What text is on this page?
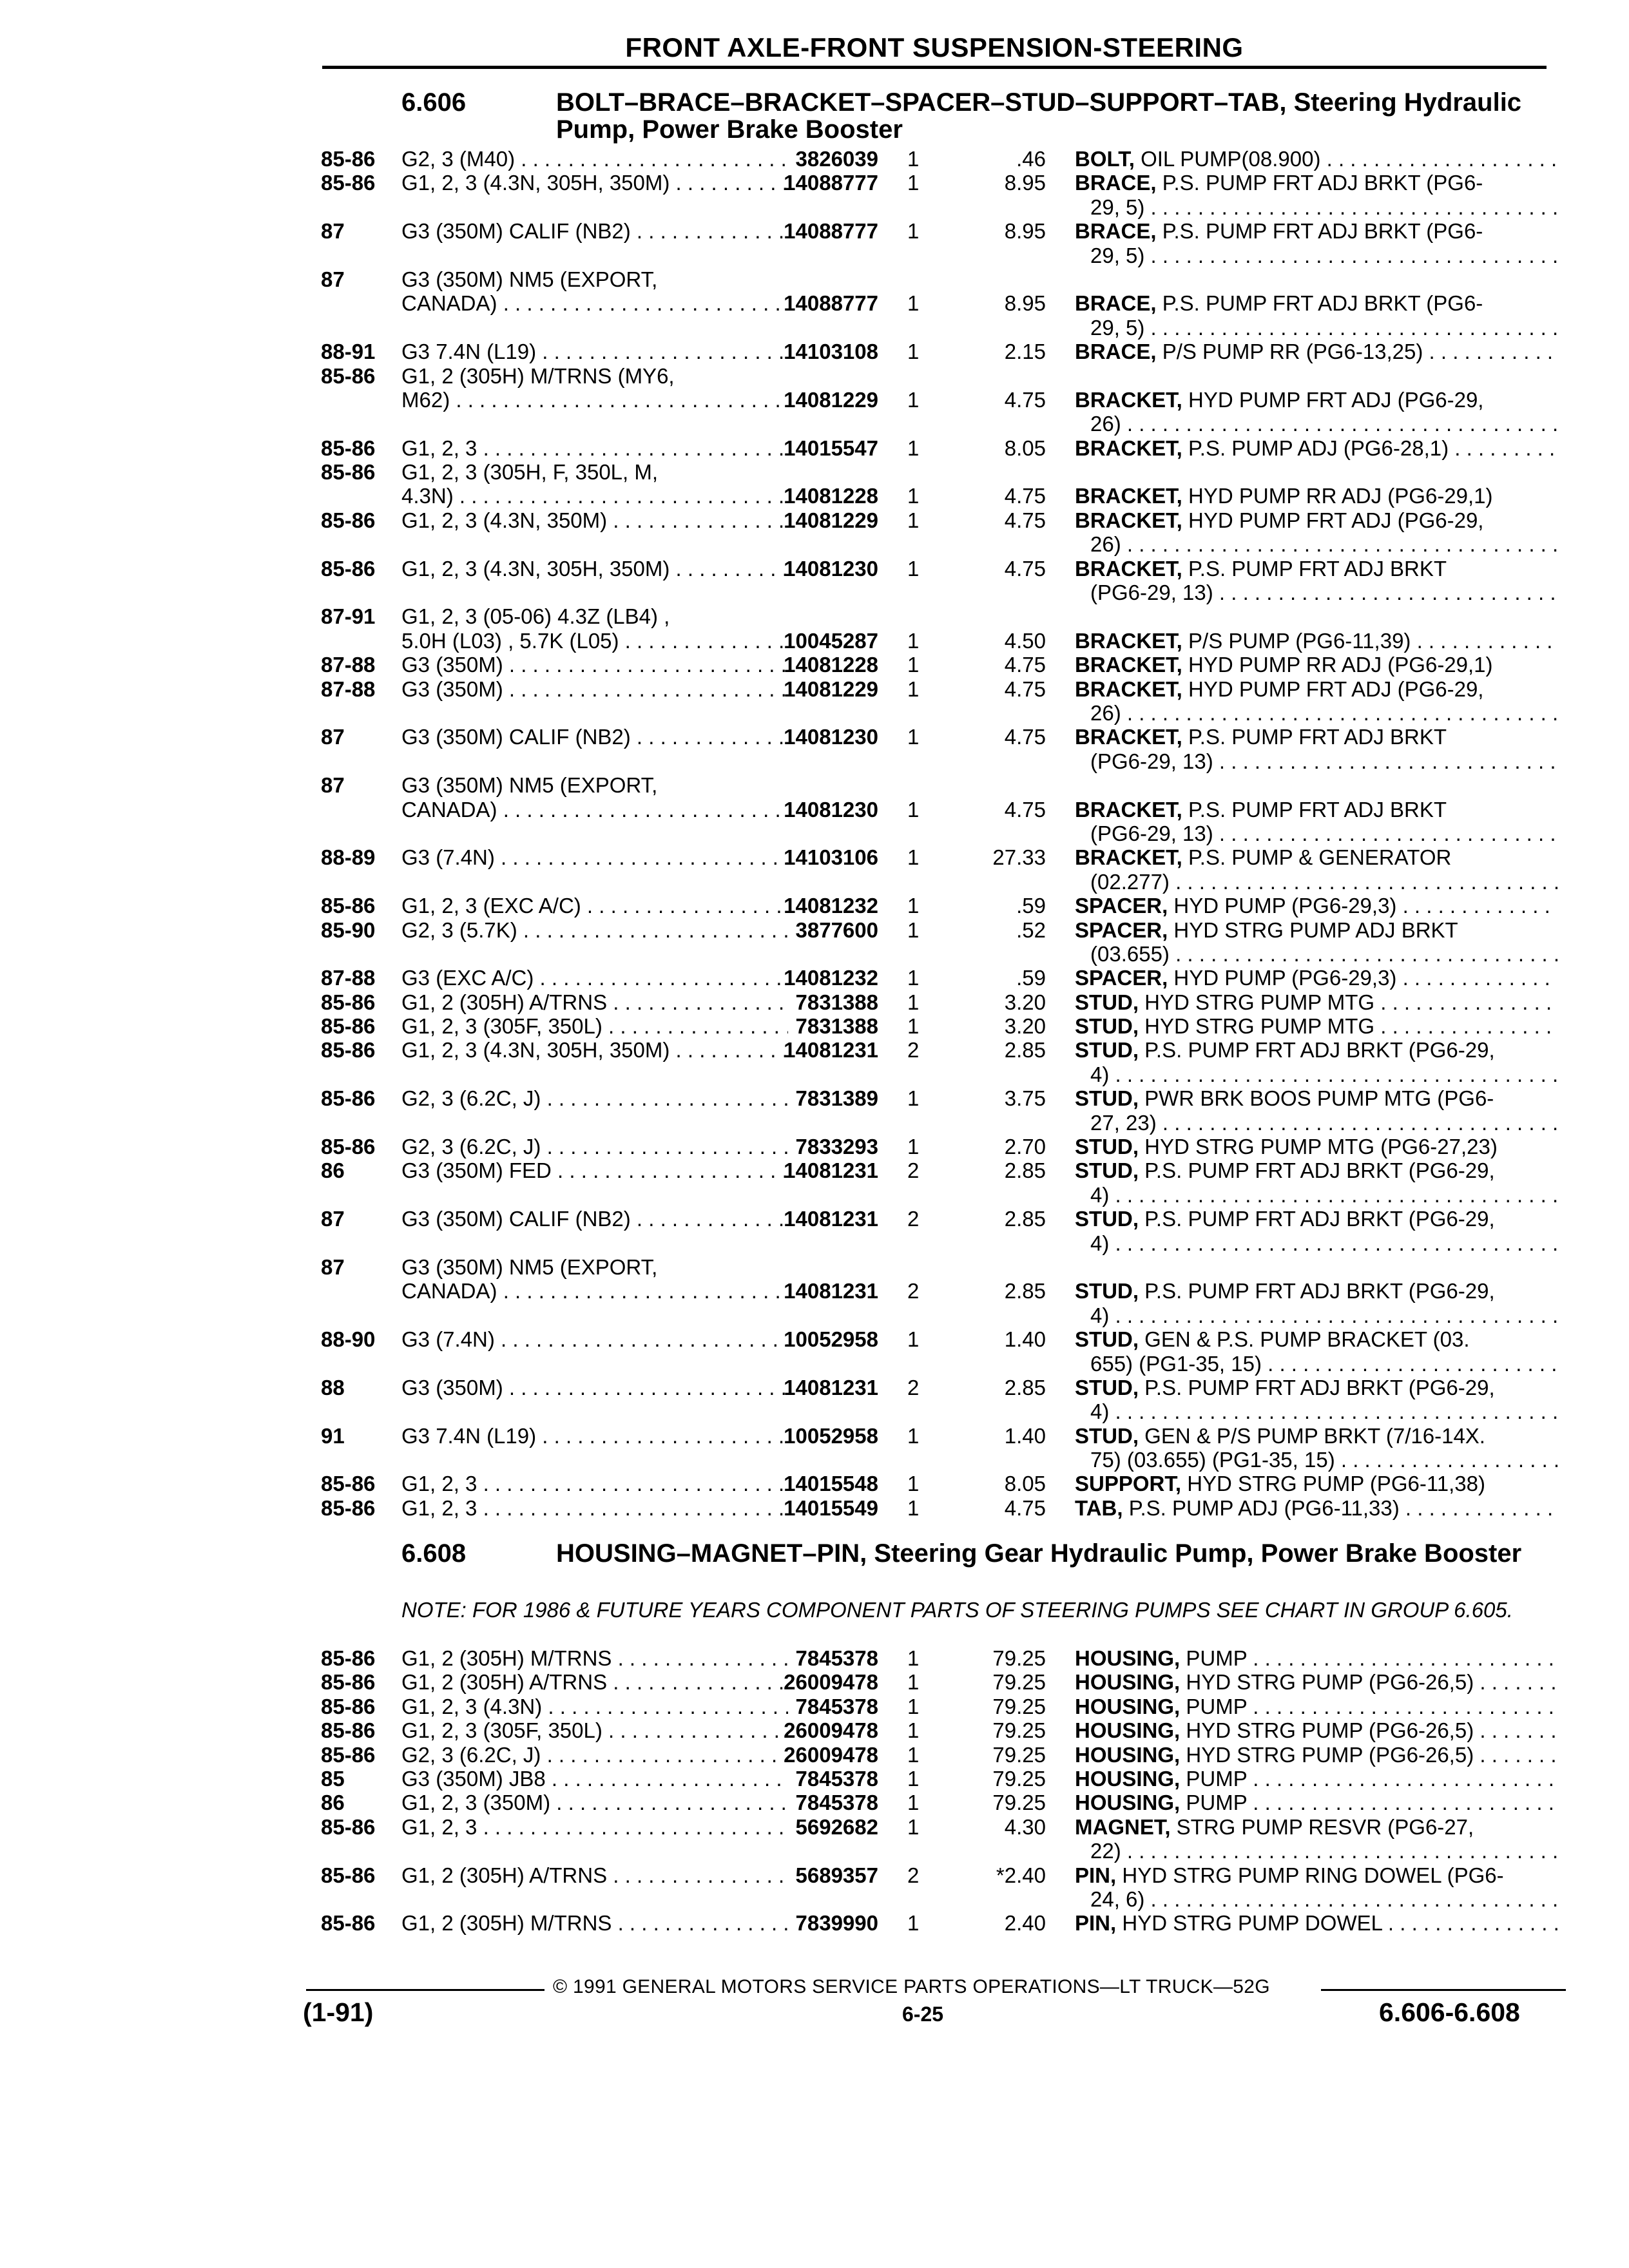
FRONT AXLE-FRONT SUSPENSION-STEERING
6.606	BOLT–BRACE–BRACKET–SPACER–STUD–SUPPORT–TAB, Steering Hydraulic Pump, Power Brake Booster
85-86	G2, 3 (M40) . . .	3826039 1	.46 BOLT, OIL PUMP(08.900) . . .
85-86	G1, 2, 3 (4.3N, 305H, 350M) . . .	14088777 1	8.95 BRACE, P.S. PUMP FRT ADJ BRKT (PG6-
29, 5) . . .
87	G3 (350M) CALIF (NB2) . . .	14088777 1	8.95 BRACE, P.S. PUMP FRT ADJ BRKT (PG6-
29, 5) . . .
87	G3 (350M) NM5 (EXPORT,
CANADA) . . .	14088777 1	8.95 BRACE, P.S. PUMP FRT ADJ BRKT (PG6-
29, 5) . . .
88-91	G3 7.4N (L19) . . .	14103108 1	2.15 BRACE, P/S PUMP RR (PG6-13,25) . . .
85-86	G1, 2 (305H) M/TRNS (MY6,
M62) . . .	14081229 1	4.75 BRACKET, HYD PUMP FRT ADJ (PG6-29,
26) . . .
85-86	G1, 2, 3 . . .	14015547 1	8.05 BRACKET, P.S. PUMP ADJ (PG6-28,1) . . .
85-86	G1, 2, 3 (305H, F, 350L, M,
4.3N) . . .	14081228 1	4.75 BRACKET, HYD PUMP RR ADJ (PG6-29,1)
85-86	G1, 2, 3 (4.3N, 350M) . . .	14081229 1	4.75 BRACKET, HYD PUMP FRT ADJ (PG6-29,
26) . . .
85-86	G1, 2, 3 (4.3N, 305H, 350M) . . .	14081230 1	4.75 BRACKET, P.S. PUMP FRT ADJ BRKT
(PG6-29, 13) . . .
87-91	G1, 2, 3 (05-06) 4.3Z (LB4) ,
5.0H (L03) , 5.7K (L05) . . .	10045287 1	4.50 BRACKET, P/S PUMP (PG6-11,39) . . .
87-88	G3 (350M) . . .	14081228 1	4.75 BRACKET, HYD PUMP RR ADJ (PG6-29,1)
87-88	G3 (350M) . . .	14081229 1	4.75 BRACKET, HYD PUMP FRT ADJ (PG6-29,
26) . . .
87	G3 (350M) CALIF (NB2) . . .	14081230 1	4.75 BRACKET, P.S. PUMP FRT ADJ BRKT
(PG6-29, 13) . . .
87	G3 (350M) NM5 (EXPORT,
CANADA) . . .	14081230 1	4.75 BRACKET, P.S. PUMP FRT ADJ BRKT
(PG6-29, 13) . . .
88-89	G3 (7.4N) . . .	14103106 1	27.33 BRACKET, P.S. PUMP & GENERATOR
(02.277) . . .
85-86	G1, 2, 3 (EXC A/C) . . .	14081232 1	.59 SPACER, HYD PUMP (PG6-29,3) . . .
85-90	G2, 3 (5.7K) . . .	3877600 1	.52 SPACER, HYD STRG PUMP ADJ BRKT
(03.655) . . .
87-88	G3 (EXC A/C) . . .	14081232 1	.59 SPACER, HYD PUMP (PG6-29,3) . . .
85-86	G1, 2 (305H) A/TRNS . . .	7831388 1	3.20 STUD, HYD STRG PUMP MTG . . .
85-86	G1, 2, 3 (305F, 350L) . . .	7831388 1	3.20 STUD, HYD STRG PUMP MTG . . .
85-86	G1, 2, 3 (4.3N, 305H, 350M) . . .	14081231 2	2.85 STUD, P.S. PUMP FRT ADJ BRKT (PG6-29,
4) . . .
85-86	G2, 3 (6.2C, J) . . .	7831389 1	3.75 STUD, PWR BRK BOOS PUMP MTG (PG6-
27, 23) . . .
85-86	G2, 3 (6.2C, J) . . .	7833293 1	2.70 STUD, HYD STRG PUMP MTG (PG6-27,23)
86	G3 (350M) FED . . .	14081231 2	2.85 STUD, P.S. PUMP FRT ADJ BRKT (PG6-29,
4) . . .
87	G3 (350M) CALIF (NB2) . . .	14081231 2	2.85 STUD, P.S. PUMP FRT ADJ BRKT (PG6-29,
4) . . .
87	G3 (350M) NM5 (EXPORT,
CANADA) . . .	14081231 2	2.85 STUD, P.S. PUMP FRT ADJ BRKT (PG6-29,
4) . . .
88-90	G3 (7.4N) . . .	10052958 1	1.40 STUD, GEN & P.S. PUMP BRACKET (03.
655) (PG1-35, 15) . . .
88	G3 (350M) . . .	14081231 2	2.85 STUD, P.S. PUMP FRT ADJ BRKT (PG6-29,
4) . . .
91	G3 7.4N (L19) . . .	10052958 1	1.40 STUD, GEN & P/S PUMP BRKT (7/16-14X.
75) (03.655) (PG1-35, 15) . . .
85-86	G1, 2, 3 . . .	14015548 1	8.05 SUPPORT, HYD STRG PUMP (PG6-11,38)
85-86	G1, 2, 3 . . .	14015549 1	4.75 TAB, P.S. PUMP ADJ (PG6-11,33) . . .
6.608	HOUSING–MAGNET–PIN, Steering Gear Hydraulic Pump, Power Brake Booster
NOTE: FOR 1986 & FUTURE YEARS COMPONENT PARTS OF STEERING PUMPS SEE CHART IN GROUP 6.605.
85-86	G1, 2 (305H) M/TRNS . . .	7845378 1	79.25 HOUSING, PUMP . . .
85-86	G1, 2 (305H) A/TRNS . . .	26009478 1	79.25 HOUSING, HYD STRG PUMP (PG6-26,5) . . .
85-86	G1, 2, 3 (4.3N) . . .	7845378 1	79.25 HOUSING, PUMP . . .
85-86	G1, 2, 3 (305F, 350L) . . .	26009478 1	79.25 HOUSING, HYD STRG PUMP (PG6-26,5) . . .
85-86	G2, 3 (6.2C, J) . . .	26009478 1	79.25 HOUSING, HYD STRG PUMP (PG6-26,5) . . .
85	G3 (350M) JB8 . . .	7845378 1	79.25 HOUSING, PUMP . . .
86	G1, 2, 3 (350M) . . .	7845378 1	79.25 HOUSING, PUMP . . .
85-86	G1, 2, 3 . . .	5692682 1	4.30 MAGNET, STRG PUMP RESVR (PG6-27,
22) . . .
85-86	G1, 2 (305H) A/TRNS . . .	5689357 2	*2.40 PIN, HYD STRG PUMP RING DOWEL (PG6-
24, 6) . . .
85-86	G1, 2 (305H) M/TRNS . . .	7839990 1	2.40 PIN, HYD STRG PUMP DOWEL . . .
© 1991 GENERAL MOTORS SERVICE PARTS OPERATIONS—LT TRUCK—52G
(1-91)	6-25	6.606-6.608
